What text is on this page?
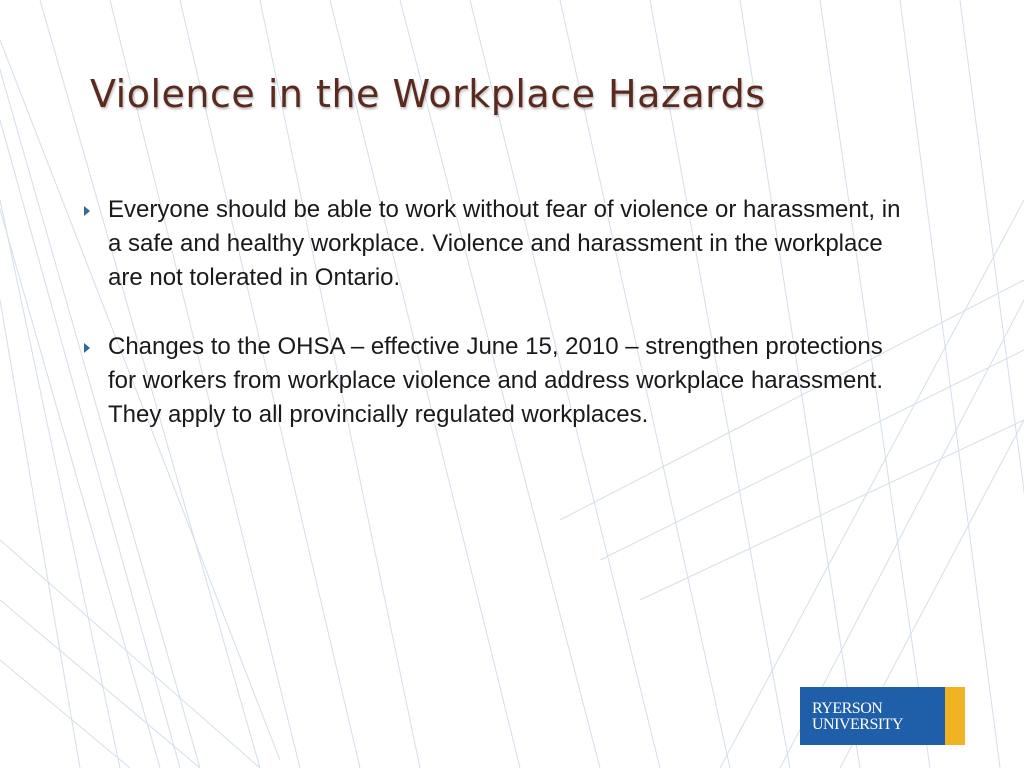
Violence in the Workplace Hazards
Everyone should be able to work without fear of violence or harassment, in a safe and healthy workplace. Violence and harassment in the workplace are not tolerated in Ontario.
Changes to the OHSA – effective June 15, 2010 – strengthen protections for workers from workplace violence and address workplace harassment. They apply to all provincially regulated workplaces.
RYERSON
UNIVERSITY
